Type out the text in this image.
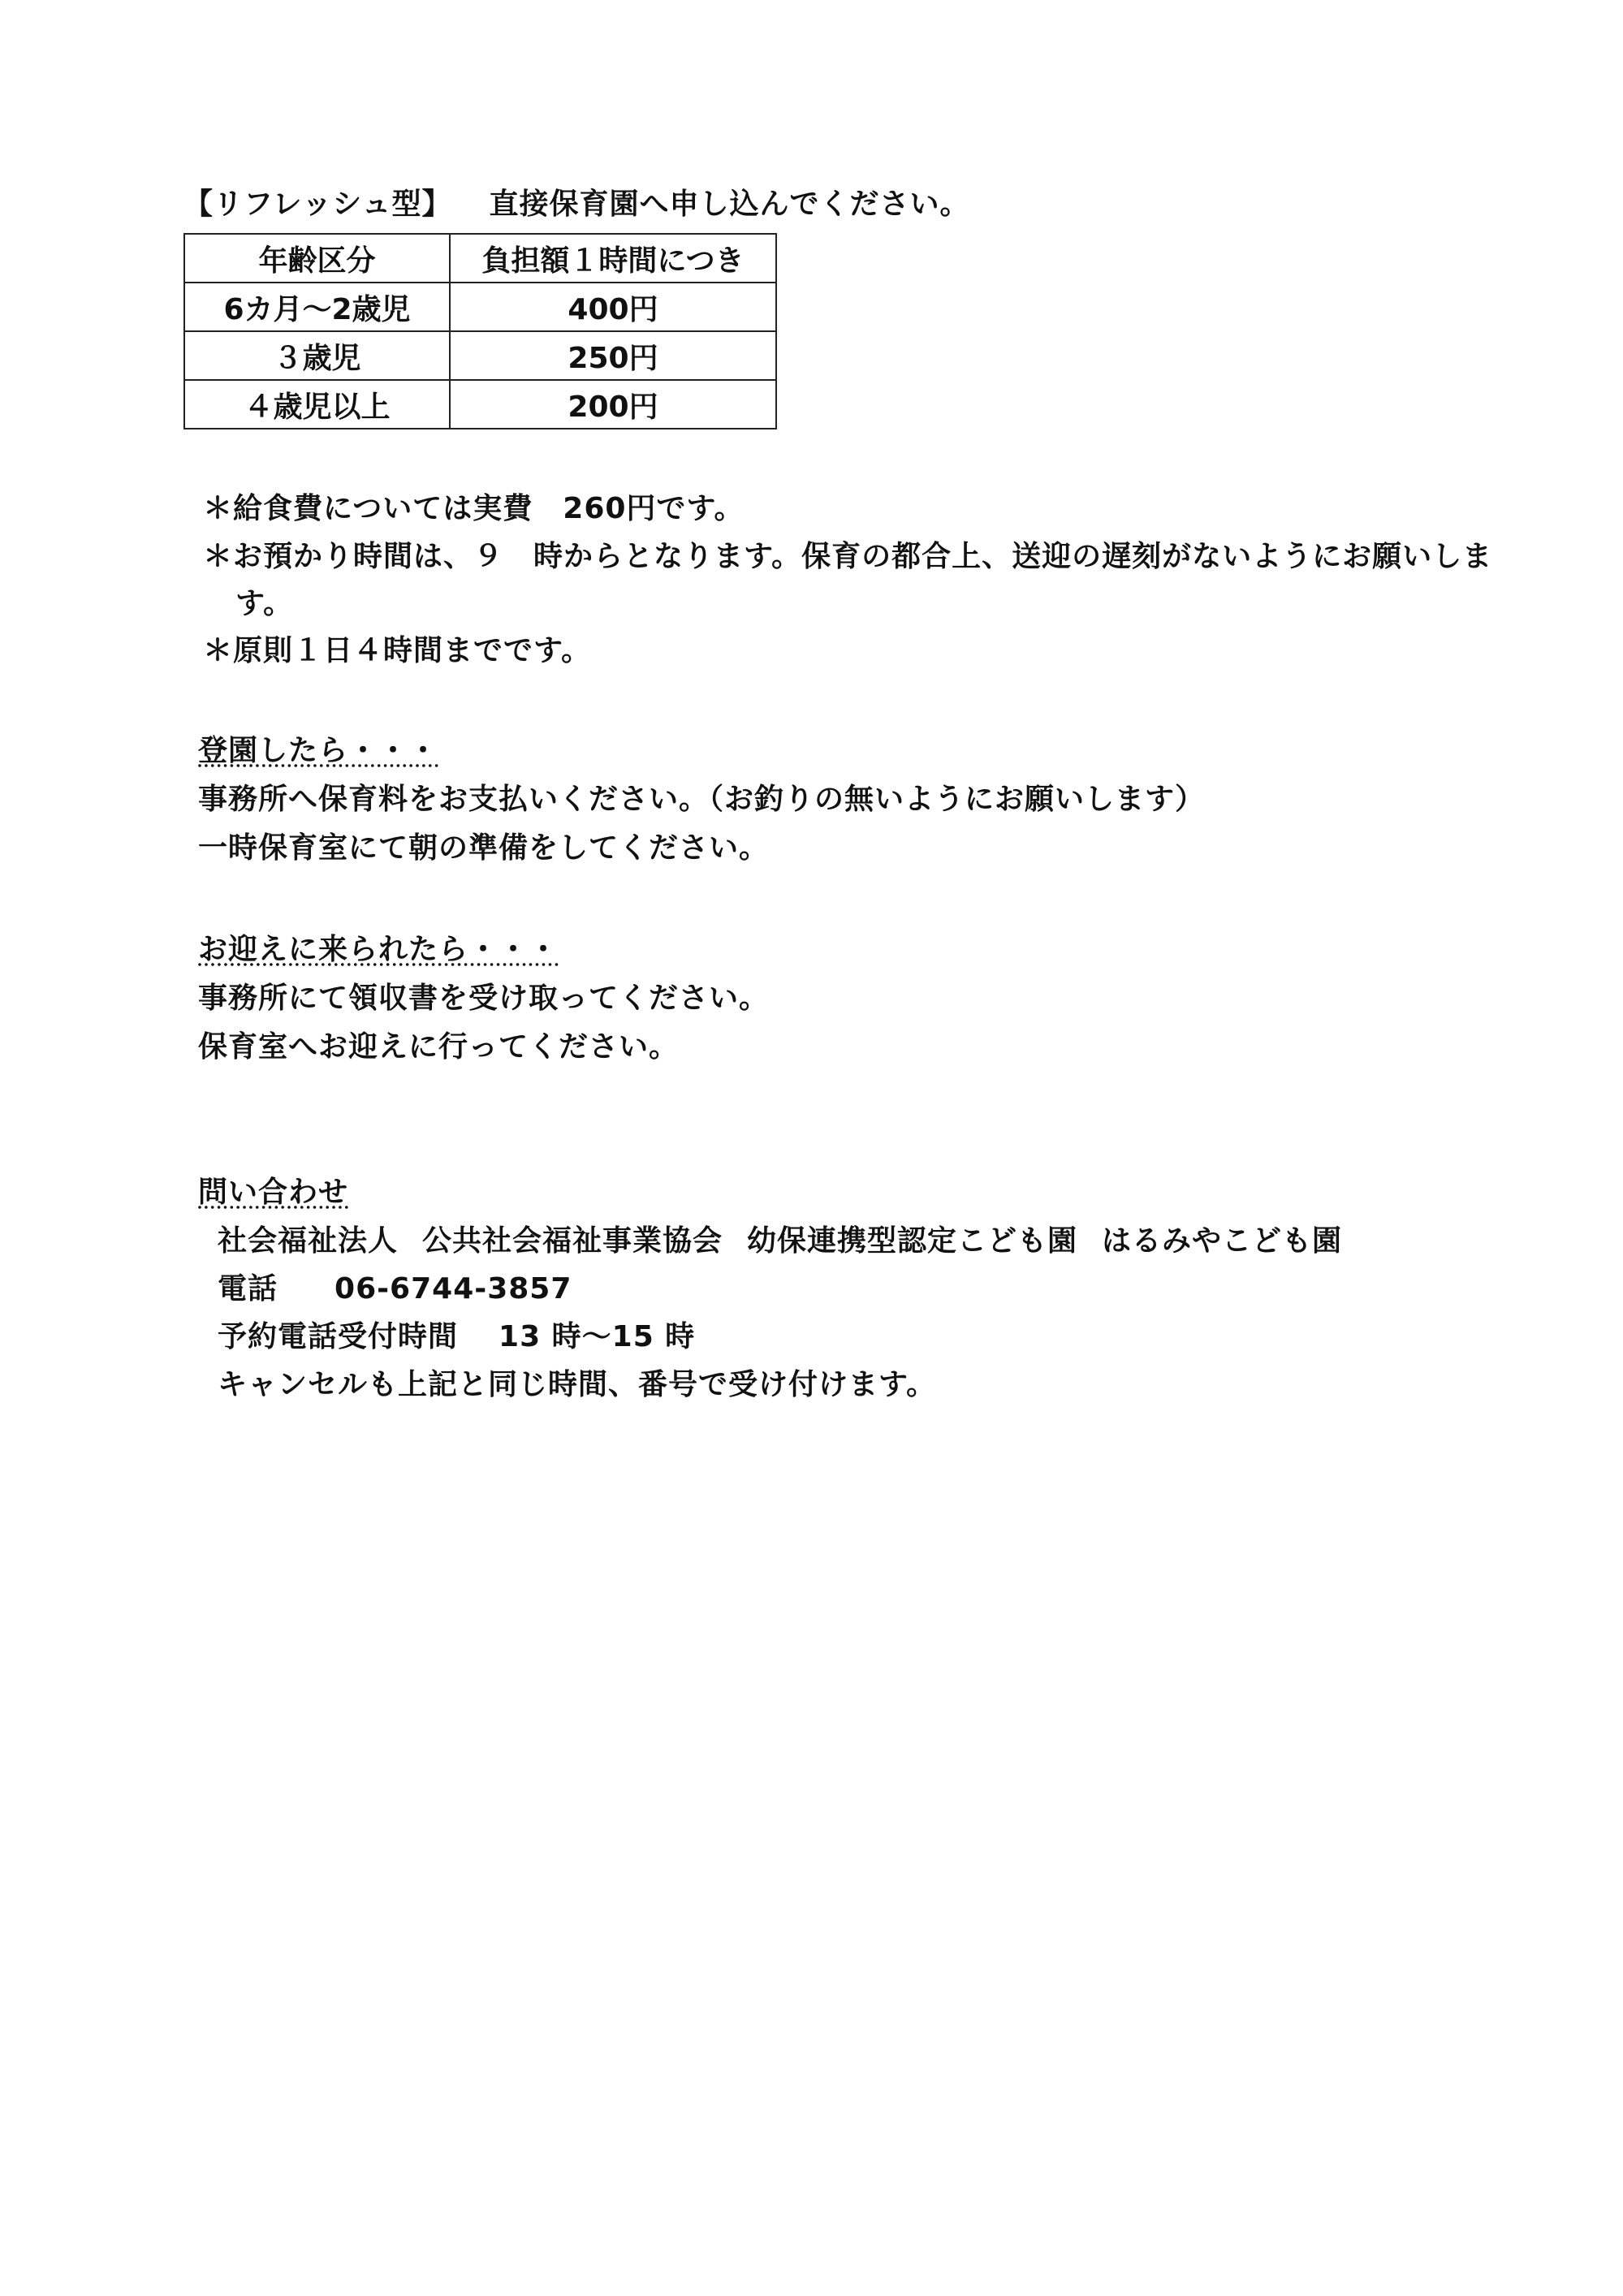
【リフレッシュ型】 直接保育園へ申し込んでください。
年齢区分	負担額１時間につき
6カ月～2歳児	400円
３歳児	250円
４歳児以上	200円
＊給食費については実費　260円です。
＊お預かり時間は、９　時からとなります。保育の都合上、送迎の遅刻がないようにお願いしま
す。
＊原則１日４時間までです。
登園したら・・・
事務所へ保育料をお支払いください。（お釣りの無いようにお願いします）
一時保育室にて朝の準備をしてください。
お迎えに来られたら・・・
事務所にて領収書を受け取ってください。
保育室へお迎えに行ってください。
問い合わせ
社会福祉法人 公共社会福祉事業協会 幼保連携型認定こども園 はるみやこども園
電話 06-6744-3857
予約電話受付時間 13 時～15 時
キャンセルも上記と同じ時間、番号で受け付けます。
